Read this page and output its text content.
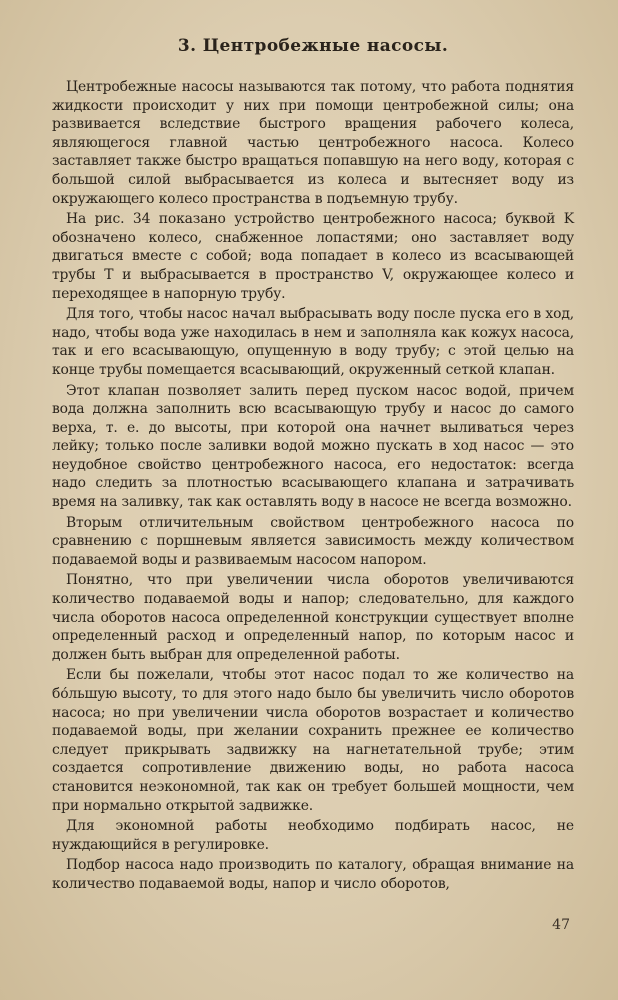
3. Центробежные насосы.

Центробежные насосы называются так потому, что работа поднятия жидкости происходит у них при помощи центробежной силы; она развивается вследствие быстрого вращения рабочего колеса, являющегося главной частью центробежного насоса. Колесо заставляет также быстро вращаться попавшую на него воду, которая с большой силой выбрасывается из колеса и вытесняет воду из окружающего колесо пространства в подъемную трубу.

На рис. 34 показано устройство центробежного насоса; буквой K обозначено колесо, снабженное лопастями; оно заставляет воду двигаться вместе с собой; вода попадает в колесо из всасывающей трубы T и выбрасывается в пространство V, окружающее колесо и переходящее в напорную трубу.

Для того, чтобы насос начал выбрасывать воду после пуска его в ход, надо, чтобы вода уже находилась в нем и заполняла как кожух насоса, так и его всасывающую, опущенную в воду трубу; с этой целью на конце трубы помещается всасывающий, окруженный сеткой клапан.

Этот клапан позволяет залить перед пуском насос водой, причем вода должна заполнить всю всасывающую трубу и насос до самого верха, т. е. до высоты, при которой она начнет выливаться через лейку; только после заливки водой можно пускать в ход насос — это неудобное свойство центробежного насоса, его недостаток: всегда надо следить за плотностью всасывающего клапана и затрачивать время на заливку, так как оставлять воду в насосе не всегда возможно.

Вторым отличительным свойством центробежного насоса по сравнению с поршневым является зависимость между количеством подаваемой воды и развиваемым насосом напором.

Понятно, что при увеличении числа оборотов увеличиваются количество подаваемой воды и напор; следовательно, для каждого числа оборотов насоса определенной конструкции существует вполне определенный расход и определенный напор, по которым насос и должен быть выбран для определенной работы.

Если бы пожелали, чтобы этот насос подал то же количество на бо́льшую высоту, то для этого надо было бы увеличить число оборотов насоса; но при увеличении числа оборотов возрастает и количество подаваемой воды, при желании сохранить прежнее ее количество следует прикрывать задвижку на нагнетательной трубе; этим создается сопротивление движению воды, но работа насоса становится неэкономной, так как он требует большей мощности, чем при нормально открытой задвижке.

Для экономной работы необходимо подбирать насос, не нуждающийся в регулировке.

Подбор насоса надо производить по каталогу, обращая внимание на количество подаваемой воды, напор и число оборотов,

47
